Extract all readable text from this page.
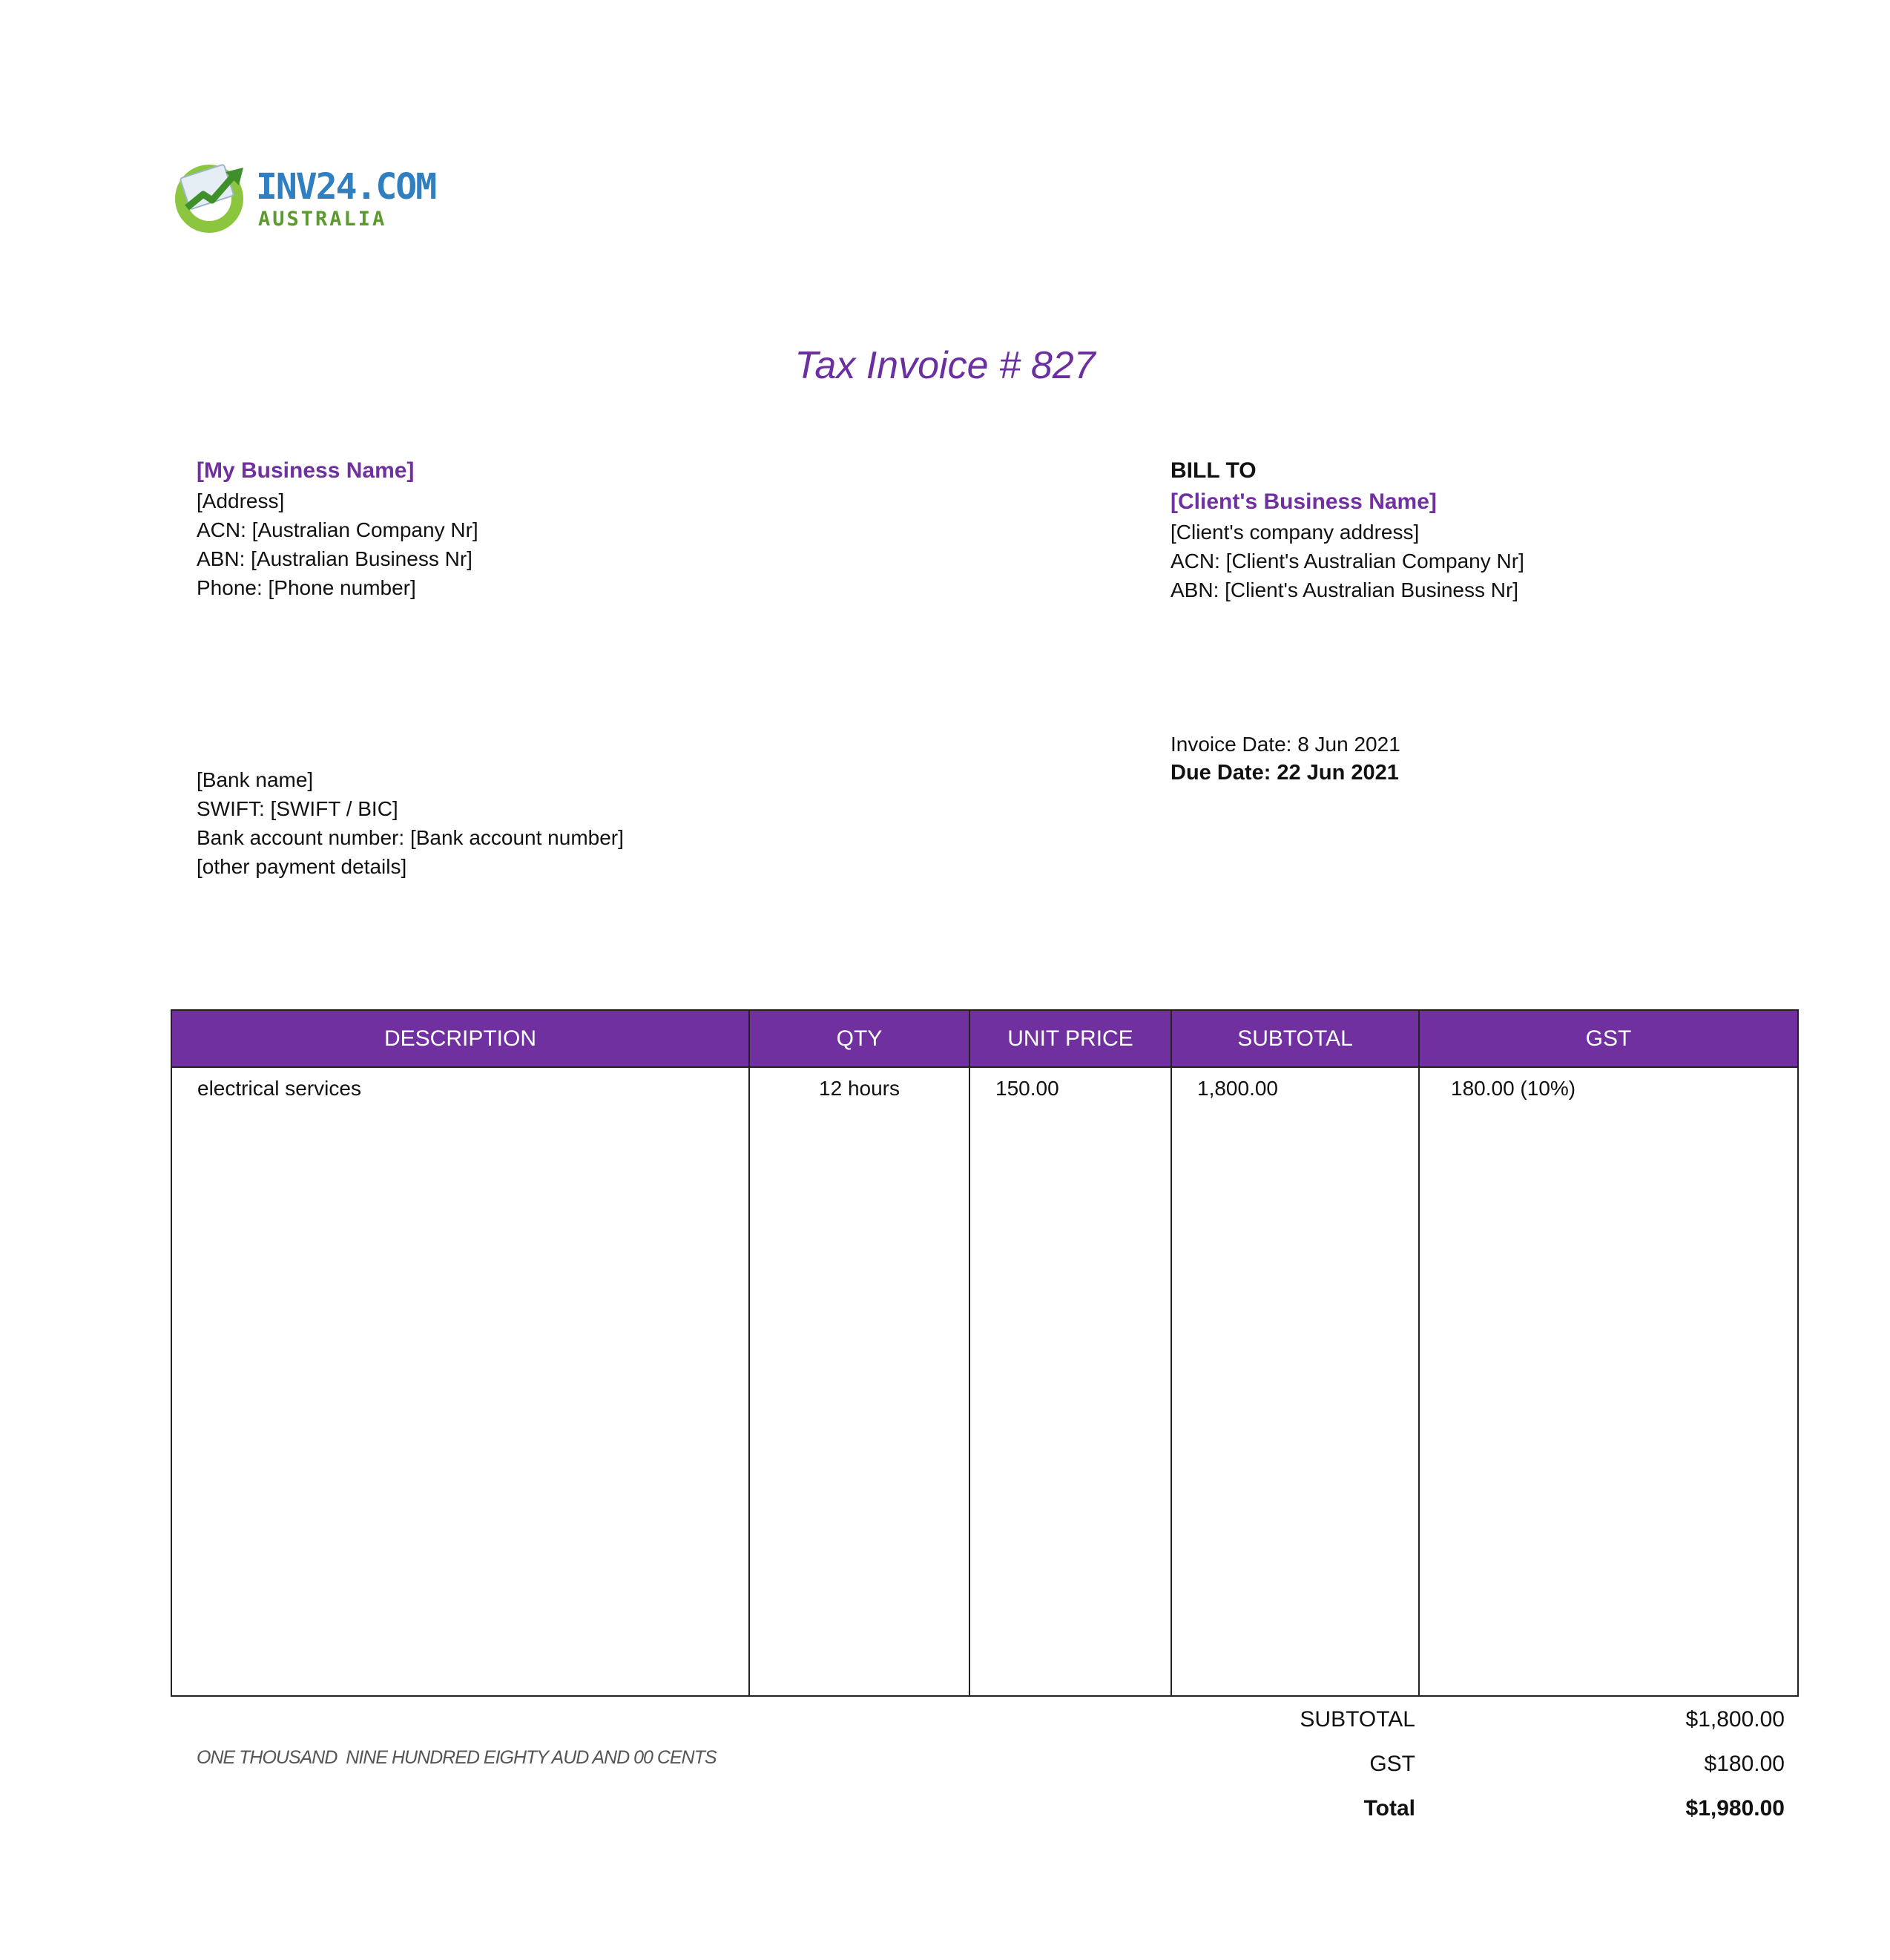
INV24.COM
AUSTRALIA
Tax Invoice # 827
[My Business Name]
[Address]
ACN: [Australian Company Nr]
ABN: [Australian Business Nr]
Phone: [Phone number]
BILL TO
[Client's Business Name]
[Client's company address]
ACN: [Client's Australian Company Nr]
ABN: [Client's Australian Business Nr]
[Bank name]
SWIFT: [SWIFT / BIC]
Bank account number: [Bank account number]
[other payment details]
Invoice Date: 8 Jun 2021
Due Date: 22 Jun 2021
DESCRIPTION	QTY	UNIT PRICE	SUBTOTAL	GST
electrical services	12 hours	150.00	1,800.00	180.00 (10%)
ONE THOUSAND  NINE HUNDRED EIGHTY AUD AND 00 CENTS
SUBTOTAL	$1,800.00
GST	$180.00
Total	$1,980.00
